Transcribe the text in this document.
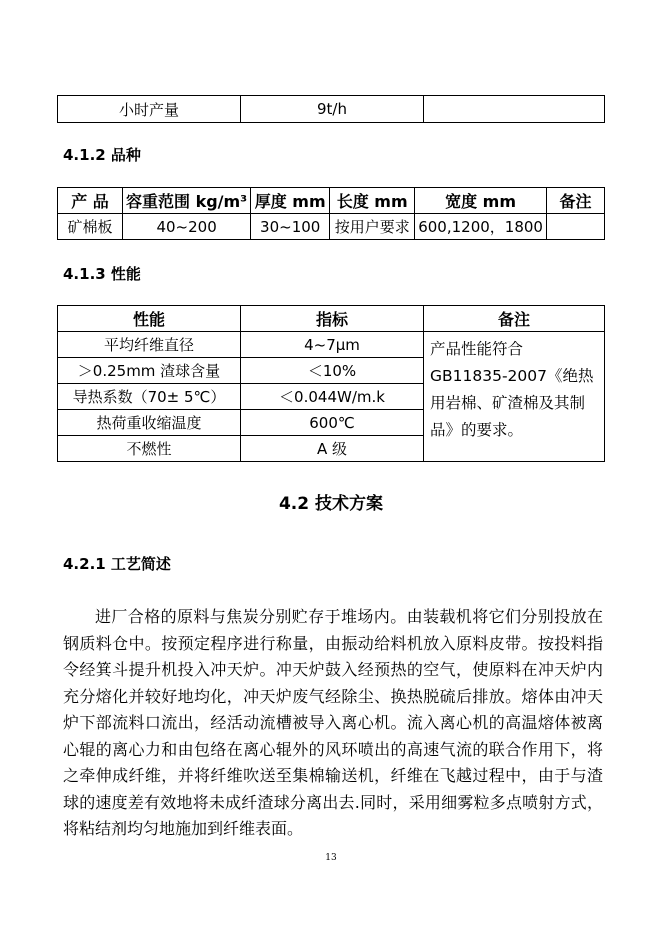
小时产量	9t/h	

4.1.2 品种

产 品	容重范围 kg/m³	厚度 mm	长度 mm	宽度 mm	备注
矿棉板	40~200	30~100	按用户要求	600,1200，1800	

4.1.3 性能

性能	指标	备注
平均纤维直径	4~7μm	产品性能符合GB11835-2007《绝热用岩棉、矿渣棉及其制品》的要求。
＞0.25mm 渣球含量	＜10%	
导热系数（70± 5℃）	＜0.044W/m.k	
热荷重收缩温度	600℃	
不燃性	A 级	

4.2 技术方案

4.2.1 工艺简述

进厂合格的原料与焦炭分别贮存于堆场内。由装载机将它们分别投放在钢质料仓中。按预定程序进行称量，由振动给料机放入原料皮带。按投料指令经箕斗提升机投入冲天炉。冲天炉鼓入经预热的空气，使原料在冲天炉内充分熔化并较好地均化，冲天炉废气经除尘、换热脱硫后排放。熔体由冲天炉下部流料口流出，经活动流槽被导入离心机。流入离心机的高温熔体被离心辊的离心力和由包络在离心辊外的风环喷出的高速气流的联合作用下，将之牵伸成纤维，并将纤维吹送至集棉输送机，纤维在飞越过程中，由于与渣球的速度差有效地将未成纤渣球分离出去.同时，采用细雾粒多点喷射方式，将粘结剂均匀地施加到纤维表面。

13
